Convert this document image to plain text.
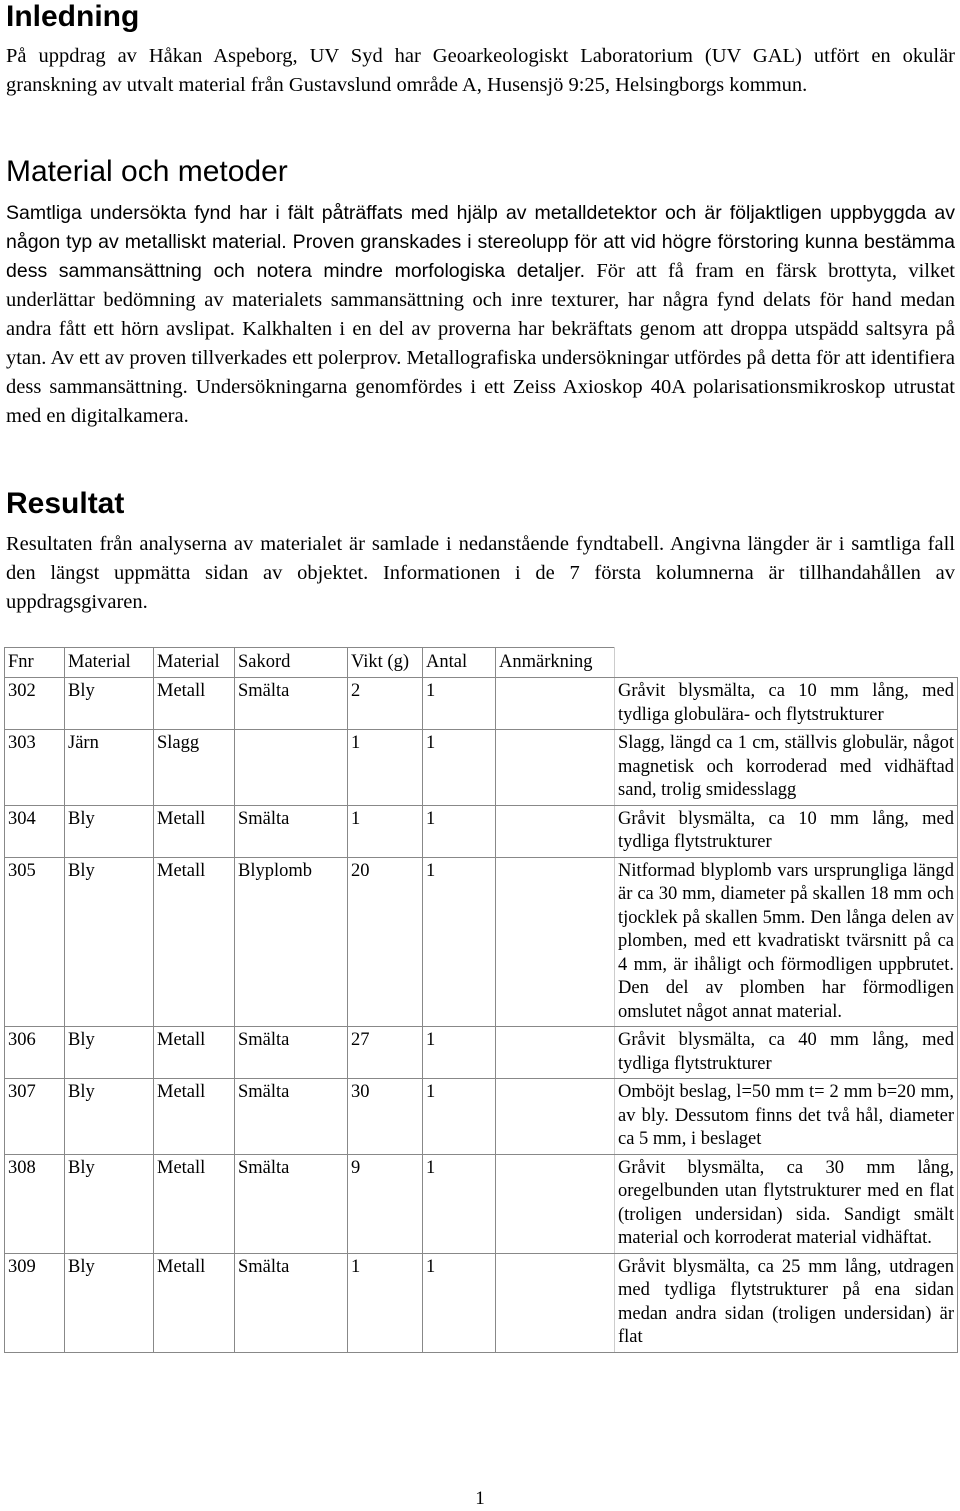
Inledning

På uppdrag av Håkan Aspeborg, UV Syd har Geoarkeologiskt Laboratorium (UV GAL) utfört en okulär granskning av utvalt material från Gustavslund område A, Husensjö 9:25, Helsingborgs kommun.

Material och metoder

Samtliga undersökta fynd har i fält påträffats med hjälp av metalldetektor och är följaktligen uppbyggda av någon typ av metalliskt material. Proven granskades i stereolupp för att vid högre förstoring kunna bestämma dess sammansättning och notera mindre morfologiska detaljer. För att få fram en färsk brottyta, vilket underlättar bedömning av materialets sammansättning och inre texturer, har några fynd delats för hand medan andra fått ett hörn avslipat. Kalkhalten i en del av proverna har bekräftats genom att droppa utspädd saltsyra på ytan. Av ett av proven tillverkades ett polerprov. Metallografiska undersökningar utfördes på detta för att identifiera dess sammansättning. Undersökningarna genomfördes i ett Zeiss Axioskop 40A polarisationsmikroskop utrustat med en digitalkamera.

Resultat

Resultaten från analyserna av materialet är samlade i nedanstående fyndtabell. Angivna längder är i samtliga fall den längst uppmätta sidan av objektet. Informationen i de 7 första kolumnerna är tillhandahållen av uppdragsgivaren.

Fnr	Material	Material	Sakord	Vikt (g)	Antal	Anmärkning	
302	Bly	Metall	Smälta	2	1		Gråvit blysmälta, ca 10 mm lång, med tydliga globulära- och flytstrukturer
303	Järn	Slagg		1	1		Slagg, längd ca 1 cm, ställvis globulär, något magnetisk och korroderad med vidhäftad sand, trolig smidesslagg
304	Bly	Metall	Smälta	1	1		Gråvit blysmälta, ca 10 mm lång, med tydliga flytstrukturer
305	Bly	Metall	Blyplomb	20	1		Nitformad blyplomb vars ursprungliga längd är ca 30 mm, diameter på skallen 18 mm och tjocklek på skallen 5mm. Den långa delen av plomben, med ett kvadratiskt tvärsnitt på ca 4 mm, är ihåligt och förmodligen uppbrutet. Den del av plomben har förmodligen omslutet något annat material.
306	Bly	Metall	Smälta	27	1		Gråvit blysmälta, ca 40 mm lång, med tydliga flytstrukturer
307	Bly	Metall	Smälta	30	1		Omböjt beslag, l=50 mm t= 2 mm b=20 mm, av bly. Dessutom finns det två hål, diameter ca 5 mm, i beslaget
308	Bly	Metall	Smälta	9	1		Gråvit blysmälta, ca 30 mm lång, oregelbunden utan flytstrukturer med en flat (troligen undersidan) sida. Sandigt smält material och korroderat material vidhäftat.
309	Bly	Metall	Smälta	1	1		Gråvit blysmälta, ca 25 mm lång, utdragen med tydliga flytstrukturer på ena sidan medan andra sidan (troligen undersidan) är flat
1
